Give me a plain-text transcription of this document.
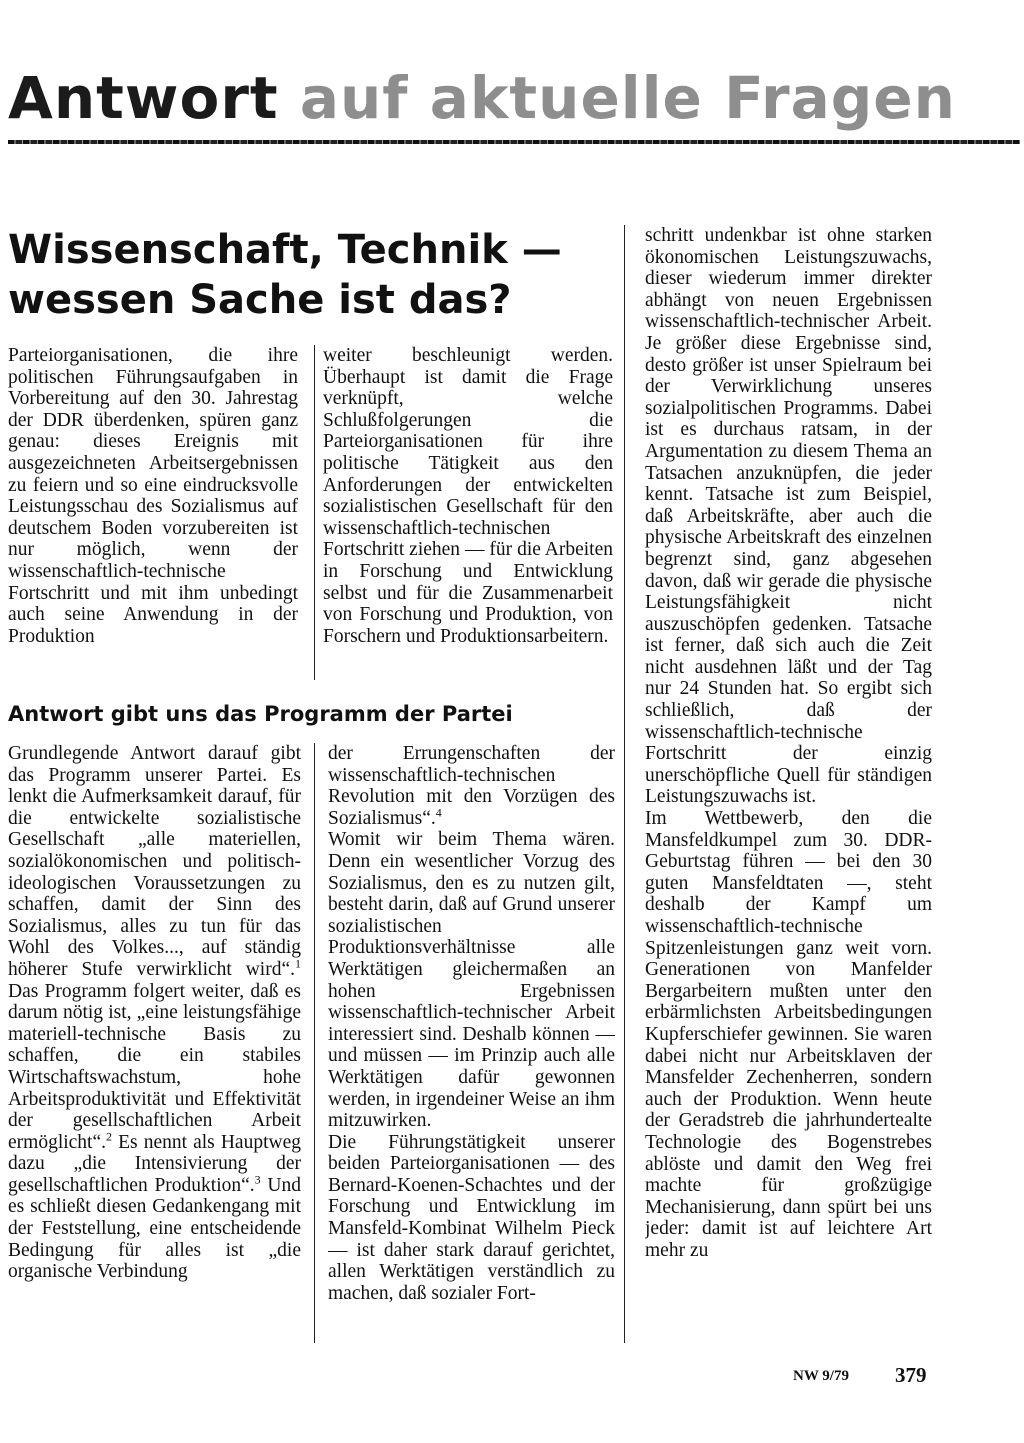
Antwort auf aktuelle Fragen
Wissenschaft, Technik —
wessen Sache ist das?

Parteiorganisationen, die ihre politischen Führungsaufgaben in Vorbereitung auf den 30. Jahrestag der DDR überdenken, spüren ganz genau: dieses Ereignis mit ausgezeichneten Arbeitsergebnissen zu feiern und so eine eindrucksvolle Leistungsschau des Sozialismus auf deutschem Boden vorzubereiten ist nur möglich, wenn der wissenschaftlich-technische Fortschritt und mit ihm unbedingt auch seine Anwendung in der Produktion

weiter beschleunigt werden. Überhaupt ist damit die Frage verknüpft, welche Schlußfolgerungen die Parteiorganisationen für ihre politische Tätigkeit aus den Anforderungen der entwickelten sozialistischen Gesellschaft für den wissenschaftlich-technischen Fortschritt ziehen — für die Arbeiten in Forschung und Entwicklung selbst und für die Zusammenarbeit von Forschung und Produktion, von Forschern und Produktionsarbeitern.

Antwort gibt uns das Programm der Partei

Grundlegende Antwort darauf gibt das Programm unserer Partei. Es lenkt die Aufmerksamkeit darauf, für die entwickelte sozialistische Gesellschaft „alle materiellen, sozialökonomischen und politisch-ideologischen Voraussetzungen zu schaffen, damit der Sinn des Sozialismus, alles zu tun für das Wohl des Volkes..., auf ständig höherer Stufe verwirklicht wird“.$^1$ Das Programm folgert weiter, daß es darum nötig ist, „eine leistungsfähige materiell-technische Basis zu schaffen, die ein stabiles Wirtschaftswachstum, hohe Arbeitsproduktivität und Effektivität der gesellschaftlichen Arbeit ermöglicht“.$^2$ Es nennt als Hauptweg dazu „die Intensivierung der gesellschaftlichen Produktion“.$^3$ Und es schließt diesen Gedankengang mit der Feststellung, eine entscheidende Bedingung für alles ist „die organische Verbindung

der Errungenschaften der wissenschaftlich-technischen Revolution mit den Vorzügen des Sozialismus“.$^4$

Womit wir beim Thema wären. Denn ein wesentlicher Vorzug des Sozialismus, den es zu nutzen gilt, besteht darin, daß auf Grund unserer sozialistischen Produktionsverhältnisse alle Werktätigen gleichermaßen an hohen Ergebnissen wissenschaftlich-technischer Arbeit interessiert sind. Deshalb können — und müssen — im Prinzip auch alle Werktätigen dafür gewonnen werden, in irgendeiner Weise an ihm mitzuwirken.

Die Führungstätigkeit unserer beiden Parteiorganisationen — des Bernard-Koenen-Schachtes und der Forschung und Entwicklung im Mansfeld-Kombinat Wilhelm Pieck — ist daher stark darauf gerichtet, allen Werktätigen verständlich zu machen, daß sozialer Fort-

schritt undenkbar ist ohne starken ökonomischen Leistungszuwachs, dieser wiederum immer direkter abhängt von neuen Ergebnissen wissenschaftlich-technischer Arbeit. Je größer diese Ergebnisse sind, desto größer ist unser Spielraum bei der Verwirklichung unseres sozialpolitischen Programms. Dabei ist es durchaus ratsam, in der Argumentation zu diesem Thema an Tatsachen anzuknüpfen, die jeder kennt. Tatsache ist zum Beispiel, daß Arbeitskräfte, aber auch die physische Arbeitskraft des einzelnen begrenzt sind, ganz abgesehen davon, daß wir gerade die physische Leistungsfähigkeit nicht auszuschöpfen gedenken. Tatsache ist ferner, daß sich auch die Zeit nicht ausdehnen läßt und der Tag nur 24 Stunden hat. So ergibt sich schließlich, daß der wissenschaftlich-technische Fortschritt der einzig unerschöpfliche Quell für ständigen Leistungszuwachs ist.

Im Wettbewerb, den die Mansfeldkumpel zum 30. DDR-Geburtstag führen — bei den 30 guten Mansfeldtaten —, steht deshalb der Kampf um wissenschaftlich-technische Spitzenleistungen ganz weit vorn. Generationen von Manfelder Bergarbeitern mußten unter den erbärmlichsten Arbeitsbedingungen Kupferschiefer gewinnen. Sie waren dabei nicht nur Arbeitsklaven der Mansfelder Zechenherren, sondern auch der Produktion. Wenn heute der Geradstreb die jahrhundertealte Technologie des Bogenstrebes ablöste und damit den Weg frei machte für großzügige Mechanisierung, dann spürt bei uns jeder: damit ist auf leichtere Art mehr zu

NW 9/79 379
